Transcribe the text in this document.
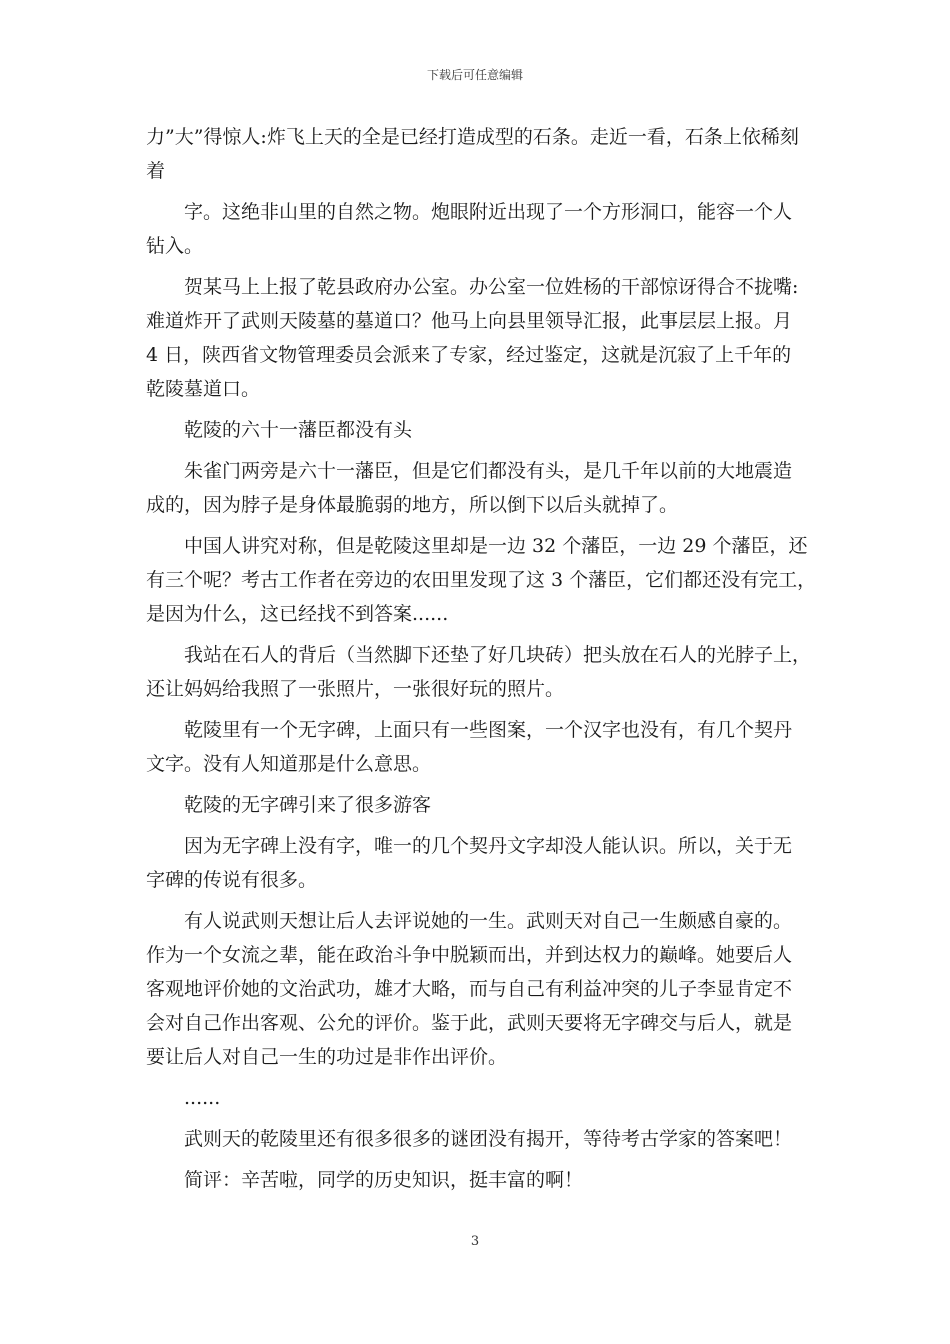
下载后可任意编辑
力”大”得惊人:炸飞上天的全是已经打造成型的石条。走近一看，石条上依稀刻
着
字。这绝非山里的自然之物。炮眼附近出现了一个方形洞口，能容一个人
钻入。
贺某马上上报了乾县政府办公室。办公室一位姓杨的干部惊讶得合不拢嘴:
难道炸开了武则天陵墓的墓道口？他马上向县里领导汇报，此事层层上报。月
4 日，陕西省文物管理委员会派来了专家，经过鉴定，这就是沉寂了上千年的
乾陵墓道口。
乾陵的六十一藩臣都没有头
朱雀门两旁是六十一藩臣，但是它们都没有头，是几千年以前的大地震造
成的，因为脖子是身体最脆弱的地方，所以倒下以后头就掉了。
中国人讲究对称，但是乾陵这里却是一边 32 个藩臣，一边 29 个藩臣，还
有三个呢？考古工作者在旁边的农田里发现了这 3 个藩臣，它们都还没有完工，
是因为什么，这已经找不到答案......
我站在石人的背后（当然脚下还垫了好几块砖）把头放在石人的光脖子上，
还让妈妈给我照了一张照片，一张很好玩的照片。
乾陵里有一个无字碑，上面只有一些图案，一个汉字也没有，有几个契丹
文字。没有人知道那是什么意思。
乾陵的无字碑引来了很多游客
因为无字碑上没有字，唯一的几个契丹文字却没人能认识。所以，关于无
字碑的传说有很多。
有人说武则天想让后人去评说她的一生。武则天对自己一生颇感自豪的。
作为一个女流之辈，能在政治斗争中脱颖而出，并到达权力的巅峰。她要后人
客观地评价她的文治武功，雄才大略，而与自己有利益冲突的儿子李显肯定不
会对自己作出客观、公允的评价。鉴于此，武则天要将无字碑交与后人，就是
要让后人对自己一生的功过是非作出评价。
......
武则天的乾陵里还有很多很多的谜团没有揭开，等待考古学家的答案吧！
简评：辛苦啦，同学的历史知识，挺丰富的啊！
3
